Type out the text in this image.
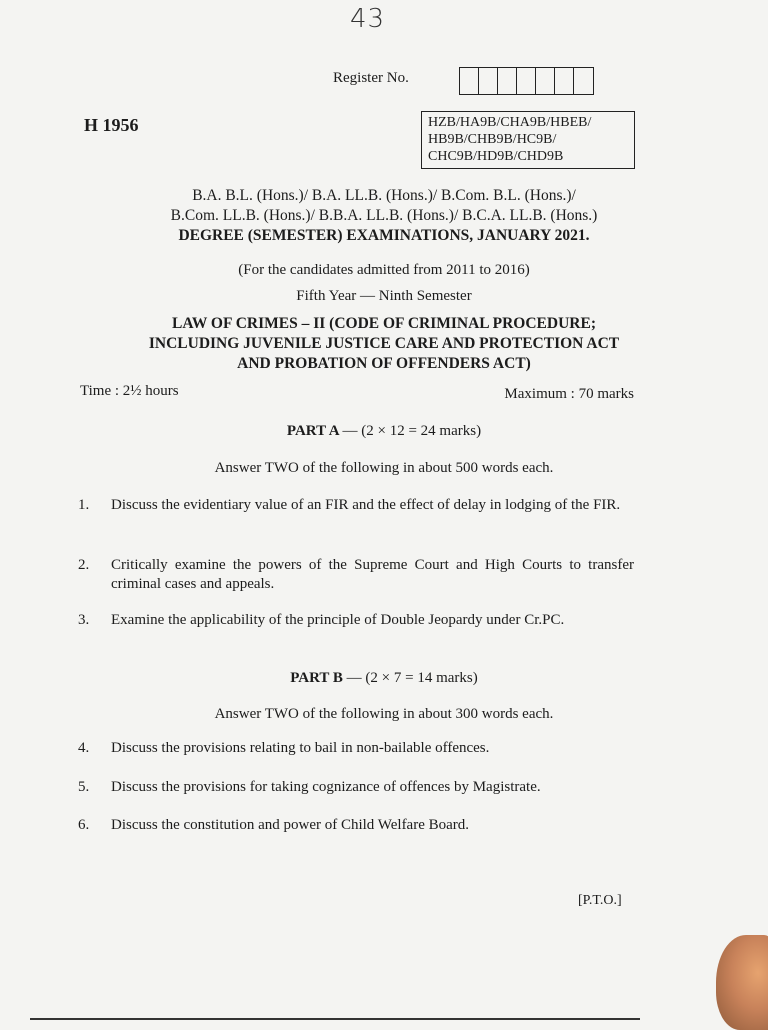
43
Register No.
H 1956	HZB/HA9B/CHA9B/HBEB/
HB9B/CHB9B/HC9B/
CHC9B/HD9B/CHD9B
B.A. B.L. (Hons.)/ B.A. LL.B. (Hons.)/ B.Com. B.L. (Hons.)/
B.Com. LL.B. (Hons.)/ B.B.A. LL.B. (Hons.)/ B.C.A. LL.B. (Hons.)
DEGREE (SEMESTER) EXAMINATIONS, JANUARY 2021.
(For the candidates admitted from 2011 to 2016)
Fifth Year — Ninth Semester
LAW OF CRIMES – II (CODE OF CRIMINAL PROCEDURE;
INCLUDING JUVENILE JUSTICE CARE AND PROTECTION ACT
AND PROBATION OF OFFENDERS ACT)
Time : 2½ hours	Maximum : 70 marks
PART A — (2 × 12 = 24 marks)
Answer TWO of the following in about 500 words each.
1. Discuss the evidentiary value of an FIR and the effect of delay in lodging of the FIR.
2. Critically examine the powers of the Supreme Court and High Courts to transfer criminal cases and appeals.
3. Examine the applicability of the principle of Double Jeopardy under Cr.PC.
PART B — (2 × 7 = 14 marks)
Answer TWO of the following in about 300 words each.
4. Discuss the provisions relating to bail in non-bailable offences.
5. Discuss the provisions for taking cognizance of offences by Magistrate.
6. Discuss the constitution and power of Child Welfare Board.
[P.T.O.]
